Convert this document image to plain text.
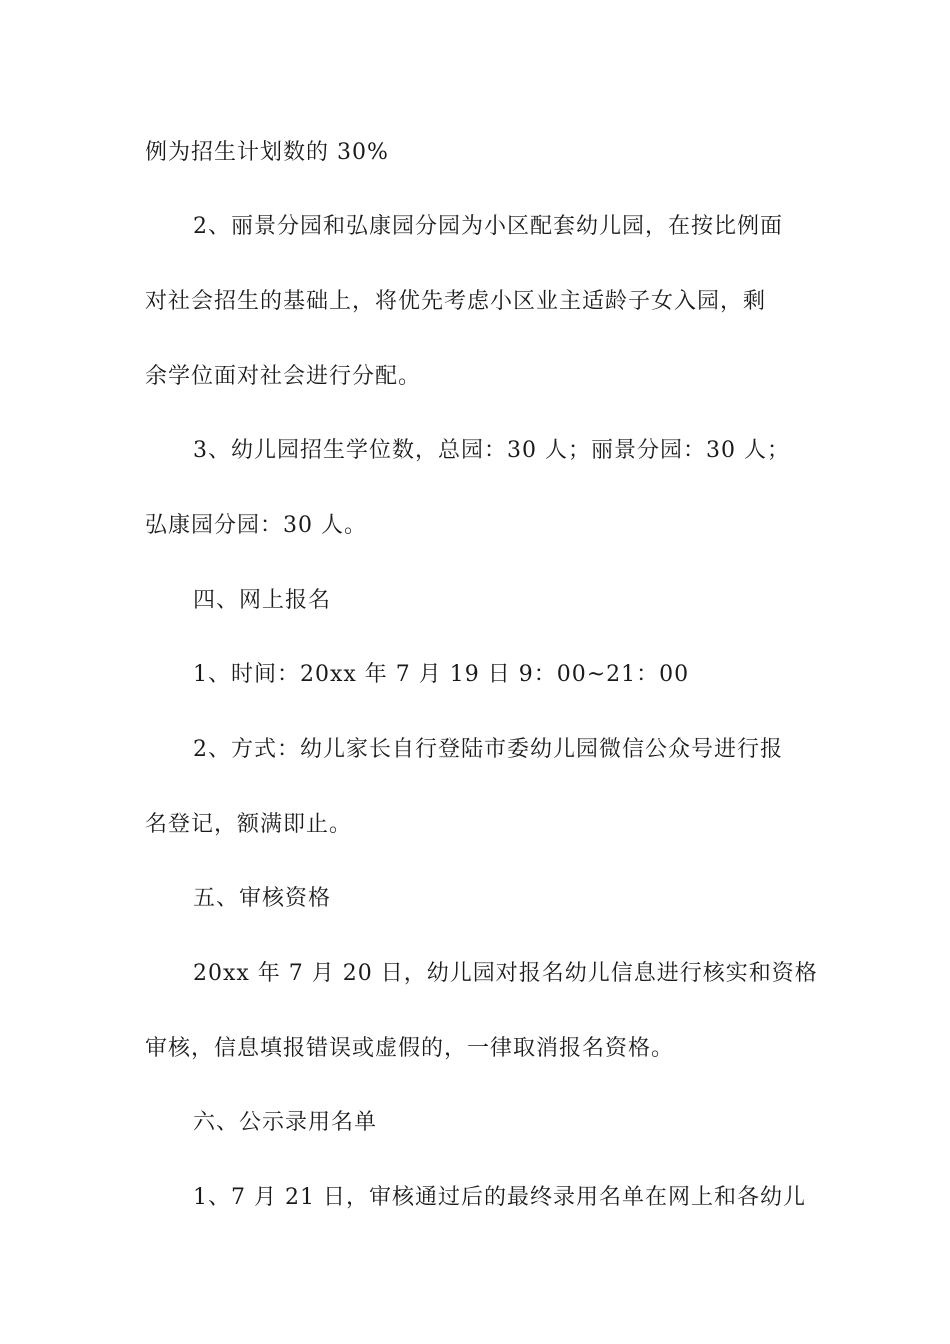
例为招生计划数的 30%

2、丽景分园和弘康园分园为小区配套幼儿园，在按比例面

对社会招生的基础上，将优先考虑小区业主适龄子女入园，剩

余学位面对社会进行分配。

3、幼儿园招生学位数，总园：30 人；丽景分园：30 人；

弘康园分园：30 人。

四、网上报名

1、时间：20xx 年 7 月 19 日 9：00~21：00

2、方式：幼儿家长自行登陆市委幼儿园微信公众号进行报

名登记，额满即止。

五、审核资格

20xx 年 7 月 20 日，幼儿园对报名幼儿信息进行核实和资格

审核，信息填报错误或虚假的，一律取消报名资格。

六、公示录用名单

1、7 月 21 日，审核通过后的最终录用名单在网上和各幼儿
